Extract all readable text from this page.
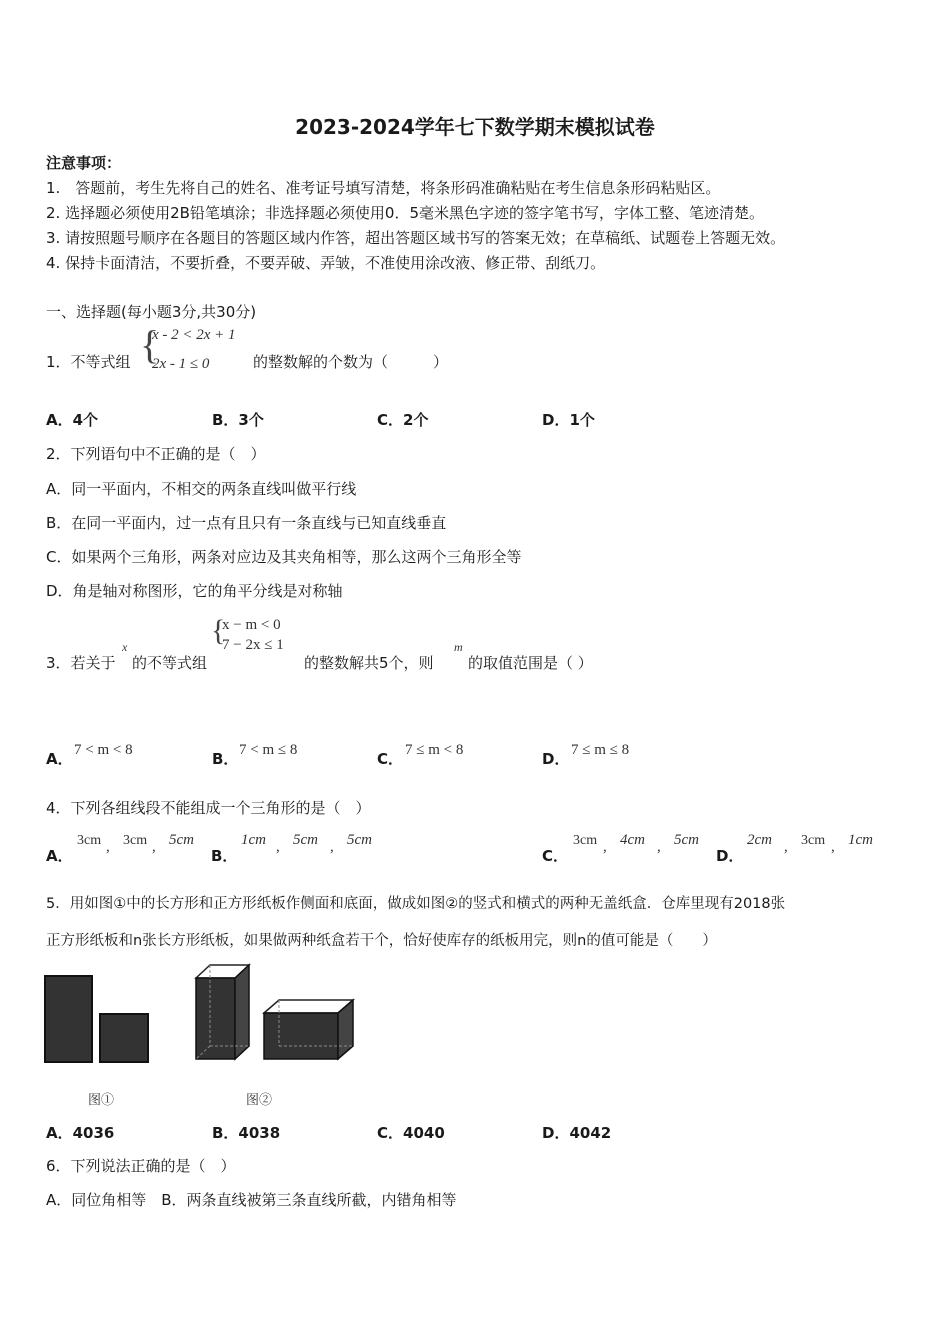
2023-2024学年七下数学期末模拟试卷
注意事项：
1.　答题前，考生先将自己的姓名、准考证号填写清楚，将条形码准确粘贴在考生信息条形码粘贴区。
2. 选择题必须使用2B铅笔填涂；非选择题必须使用0．5毫米黑色字迹的签字笔书写，字体工整、笔迹清楚。
3. 请按照题号顺序在各题目的答题区域内作答，超出答题区域书写的答案无效；在草稿纸、试题卷上答题无效。
4. 保持卡面清洁，不要折叠，不要弄破、弄皱，不准使用涂改液、修正带、刮纸刀。
一、选择题(每小题3分,共30分)
1．不等式组 {
x - 2 < 2x + 1
2x - 1 ≤ 0	的整数解的个数为（　　　）
A．4个	B．3个	C．2个	D．1个
2．下列语句中不正确的是（　）
A．同一平面内，不相交的两条直线叫做平行线
B．在同一平面内，过一点有且只有一条直线与已知直线垂直
C．如果两个三角形，两条对应边及其夹角相等，那么这两个三角形全等
D．角是轴对称图形，它的角平分线是对称轴
3．若关于
x
的不等式组
{
x − m < 0
7 − 2x ≤ 1
的整数解共5个，则
m
的取值范围是（ ）
A． 7 < m < 8	B． 7 < m ≤ 8	C． 7 ≤ m < 8	D． 7 ≤ m ≤ 8
4．下列各组线段不能组成一个三角形的是（　）
A．
3cm , 3cm , 5cm
B．
1cm , 5cm , 5cm
C．
3cm , 4cm , 5cm
D．
2cm , 3cm , 1cm
5．用如图①中的长方形和正方形纸板作侧面和底面，做成如图②的竖式和横式的两种无盖纸盒．仓库里现有2018张
正方形纸板和n张长方形纸板，如果做两种纸盒若干个，恰好使库存的纸板用完，则n的值可能是（　　）
图①	图②
A．4036	B．4038	C．4040	D．4042
6．下列说法正确的是（　）
A．同位角相等　B．两条直线被第三条直线所截，内错角相等
